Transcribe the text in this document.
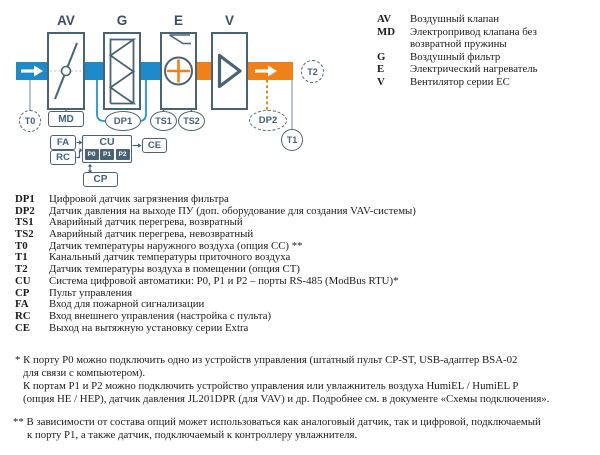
AV	G	E	V
T0	MD	DP1	TS1	TS2	DP2
T1
T2
FA
RC
CU
P0	P1	P2
CE
CP
AV	Воздушный клапан
MD	Электропривод клапана без
возвратной пружины
G	Воздушный фильтр
E	Электрический нагреватель
V	Вентилятор серии ЕС
DP1	Цифровой датчик загрязнения фильтра
DP2	Датчик давления на выходе ПУ (доп. оборудование для создания VAV-системы)
TS1	Аварийный датчик перегрева, возвратный
TS2	Аварийный датчик перегрева, невозвратный
T0	Датчик температуры наружного воздуха (опция СС) **
T1	Канальный датчик температуры приточного воздуха
T2	Датчик температуры воздуха в помещении (опция СТ)
CU	Система цифровой автоматики: P0, P1 и P2 – порты RS-485 (ModBus RTU)*
CP	Пульт управления
FA	Вход для пожарной сигнализации
RC	Вход внешнего управления (настройка с пульта)
CE	Выход на вытяжную установку серии Extra
* К порту P0 можно подключить одно из устройств управления (штатный пульт CP-ST, USB-адаптер BSA-02
для связи с компьютером).
К портам P1 и P2 можно подключить устройство управления или увлажнитель воздуха HumiEL / HumiEL P
(опция HE / HEP), датчик давления JL201DPR (для VAV) и др. Подробнее см. в документе «Схемы подключения».
** В зависимости от состава опций может использоваться как аналоговый датчик, так и цифровой, подключаемый
к порту P1, а также датчик, подключаемый к контроллеру увлажнителя.
